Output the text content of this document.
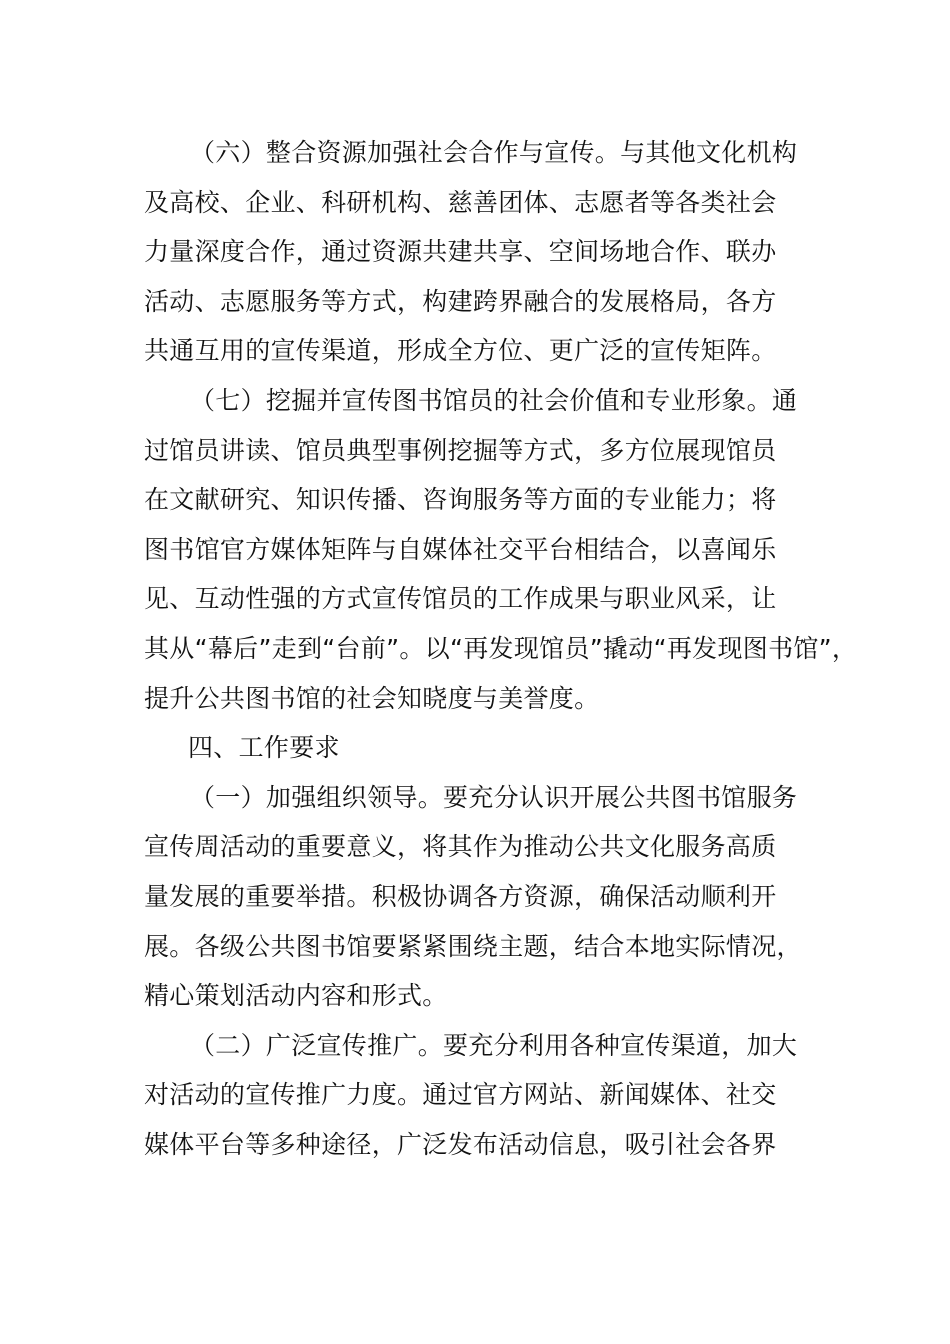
（六）整合资源加强社会合作与宣传。与其他文化机构
及高校、企业、科研机构、慈善团体、志愿者等各类社会
力量深度合作，通过资源共建共享、空间场地合作、联办
活动、志愿服务等方式，构建跨界融合的发展格局，各方
共通互用的宣传渠道，形成全方位、更广泛的宣传矩阵。
（七）挖掘并宣传图书馆员的社会价值和专业形象。通
过馆员讲读、馆员典型事例挖掘等方式，多方位展现馆员
在文献研究、知识传播、咨询服务等方面的专业能力；将
图书馆官方媒体矩阵与自媒体社交平台相结合，以喜闻乐
见、互动性强的方式宣传馆员的工作成果与职业风采，让
其从“幕后”走到“台前”。以“再发现馆员”撬动“再发现图书馆”，
提升公共图书馆的社会知晓度与美誉度。
四、工作要求
（一）加强组织领导。要充分认识开展公共图书馆服务
宣传周活动的重要意义，将其作为推动公共文化服务高质
量发展的重要举措。积极协调各方资源，确保活动顺利开
展。各级公共图书馆要紧紧围绕主题，结合本地实际情况，
精心策划活动内容和形式。
（二）广泛宣传推广。要充分利用各种宣传渠道，加大
对活动的宣传推广力度。通过官方网站、新闻媒体、社交
媒体平台等多种途径，广泛发布活动信息，吸引社会各界
